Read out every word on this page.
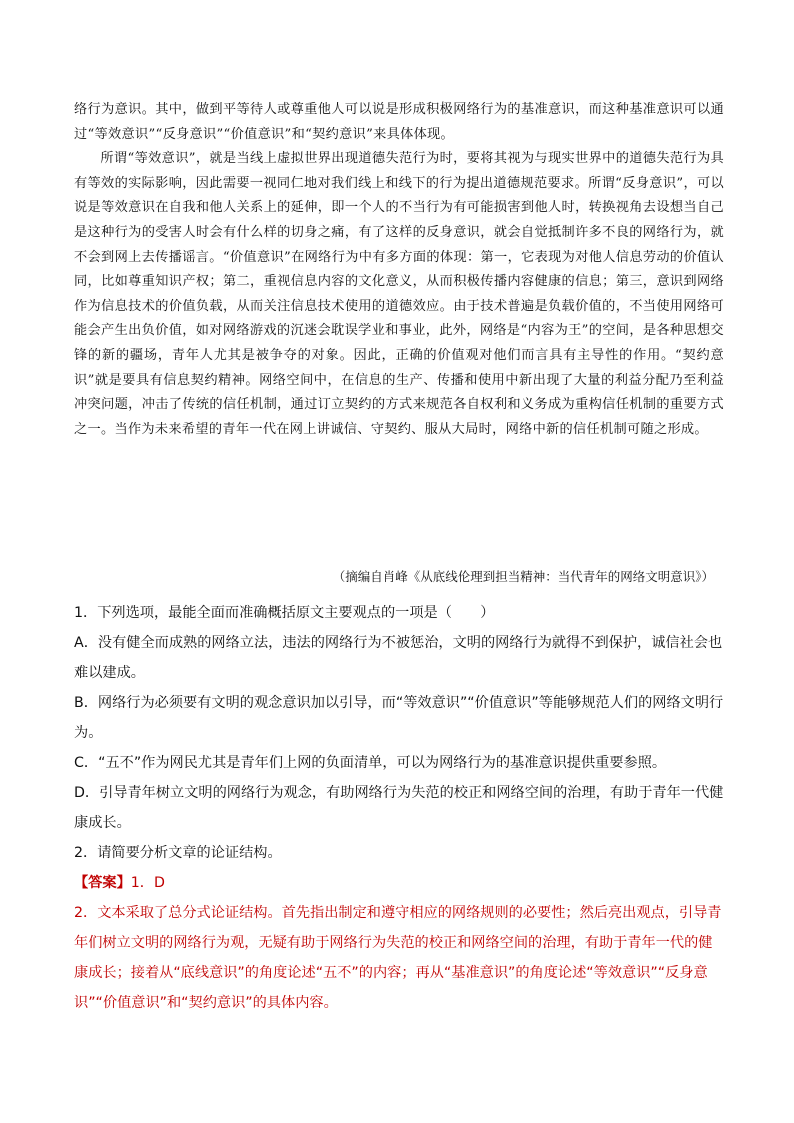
络行为意识。其中，做到平等待人或尊重他人可以说是形成积极网络行为的基准意识，而这种基准意识可以通过“等效意识”“反身意识”“价值意识”和“契约意识”来具体体现。

所谓“等效意识”，就是当线上虚拟世界出现道德失范行为时，要将其视为与现实世界中的道德失范行为具有等效的实际影响，因此需要一视同仁地对我们线上和线下的行为提出道德规范要求。所谓“反身意识”，可以说是等效意识在自我和他人关系上的延伸，即一个人的不当行为有可能损害到他人时，转换视角去设想当自己是这种行为的受害人时会有什么样的切身之痛，有了这样的反身意识，就会自觉抵制许多不良的网络行为，就不会到网上去传播谣言。“价值意识”在网络行为中有多方面的体现：第一，它表现为对他人信息劳动的价值认同，比如尊重知识产权；第二，重视信息内容的文化意义，从而积极传播内容健康的信息；第三，意识到网络作为信息技术的价值负载，从而关注信息技术使用的道德效应。由于技术普遍是负载价值的，不当使用网络可能会产生出负价值，如对网络游戏的沉迷会耽误学业和事业，此外，网络是“内容为王”的空间，是各种思想交锋的新的疆场，青年人尤其是被争夺的对象。因此，正确的价值观对他们而言具有主导性的作用。“契约意识”就是要具有信息契约精神。网络空间中，在信息的生产、传播和使用中新出现了大量的利益分配乃至利益冲突问题，冲击了传统的信任机制，通过订立契约的方式来规范各自权利和义务成为重构信任机制的重要方式之一。当作为未来希望的青年一代在网上讲诚信、守契约、服从大局时，网络中新的信任机制可随之形成。

（摘编自肖峰《从底线伦理到担当精神：当代青年的网络文明意识》）

1．下列选项，最能全面而准确概括原文主要观点的一项是（　　）

A．没有健全而成熟的网络立法，违法的网络行为不被惩治，文明的网络行为就得不到保护，诚信社会也难以建成。

B．网络行为必须要有文明的观念意识加以引导，而“等效意识”“价值意识”等能够规范人们的网络文明行为。

C．“五不”作为网民尤其是青年们上网的负面清单，可以为网络行为的基准意识提供重要参照。

D．引导青年树立文明的网络行为观念，有助网络行为失范的校正和网络空间的治理，有助于青年一代健康成长。

2．请简要分析文章的论证结构。

【答案】1．D

2．文本采取了总分式论证结构。首先指出制定和遵守相应的网络规则的必要性；然后亮出观点，引导青年们树立文明的网络行为观，无疑有助于网络行为失范的校正和网络空间的治理，有助于青年一代的健康成长；接着从“底线意识”的角度论述“五不”的内容；再从“基准意识”的角度论述“等效意识”“反身意识”“价值意识”和“契约意识”的具体内容。
